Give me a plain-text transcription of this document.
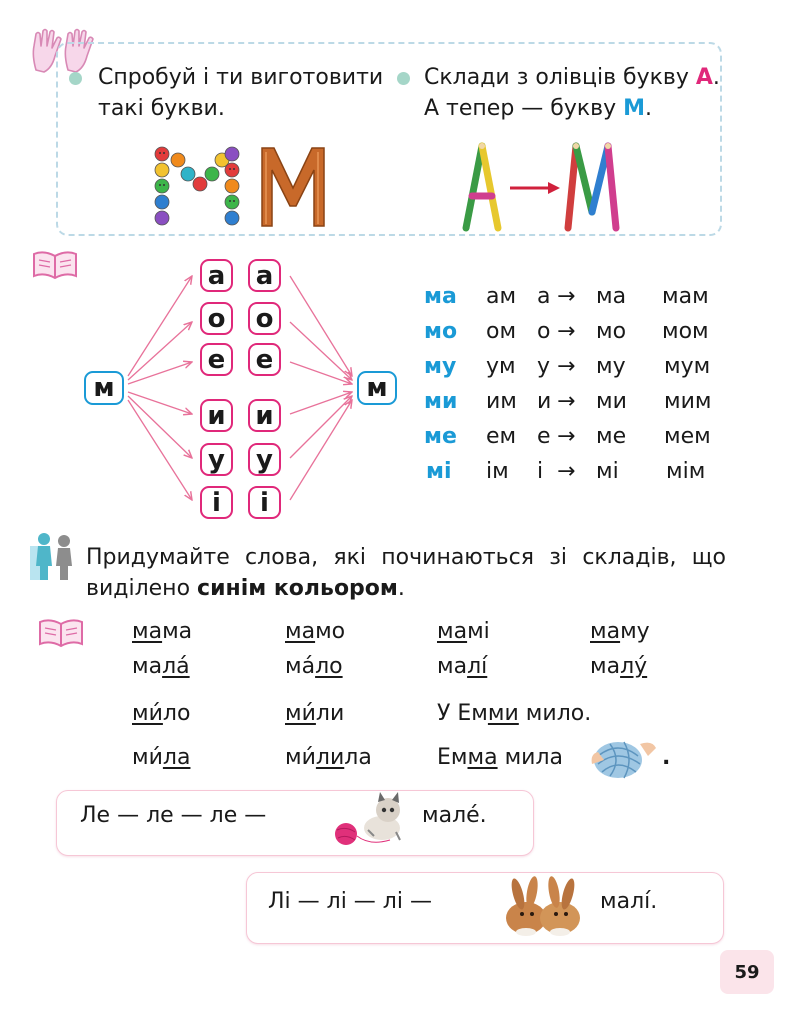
Спробуй і ти виготовити
такі букви.
Склади з олівців букву А.
А тепер — букву М.
м	м
а а
о о
е е
и и
у	у
і	і
ма ам а → ма мам
мо ом о → мо мом
му ум у → му мум
ми им и → ми мим
ме ем е → ме мем
мі ім і → мі мім
Придумайте слова, які починаються зі складів, що
виділено синім кольором.
мама	мамо	мамі	маму
мала́	ма́ло	малі́	малу́
ми́ло	ми́ли	У Емми мило.
ми́ла	ми́лила	Емма мила	.
Ле — ле — ле —	мале́.
Лі — лі — лі —	малі́.
59
